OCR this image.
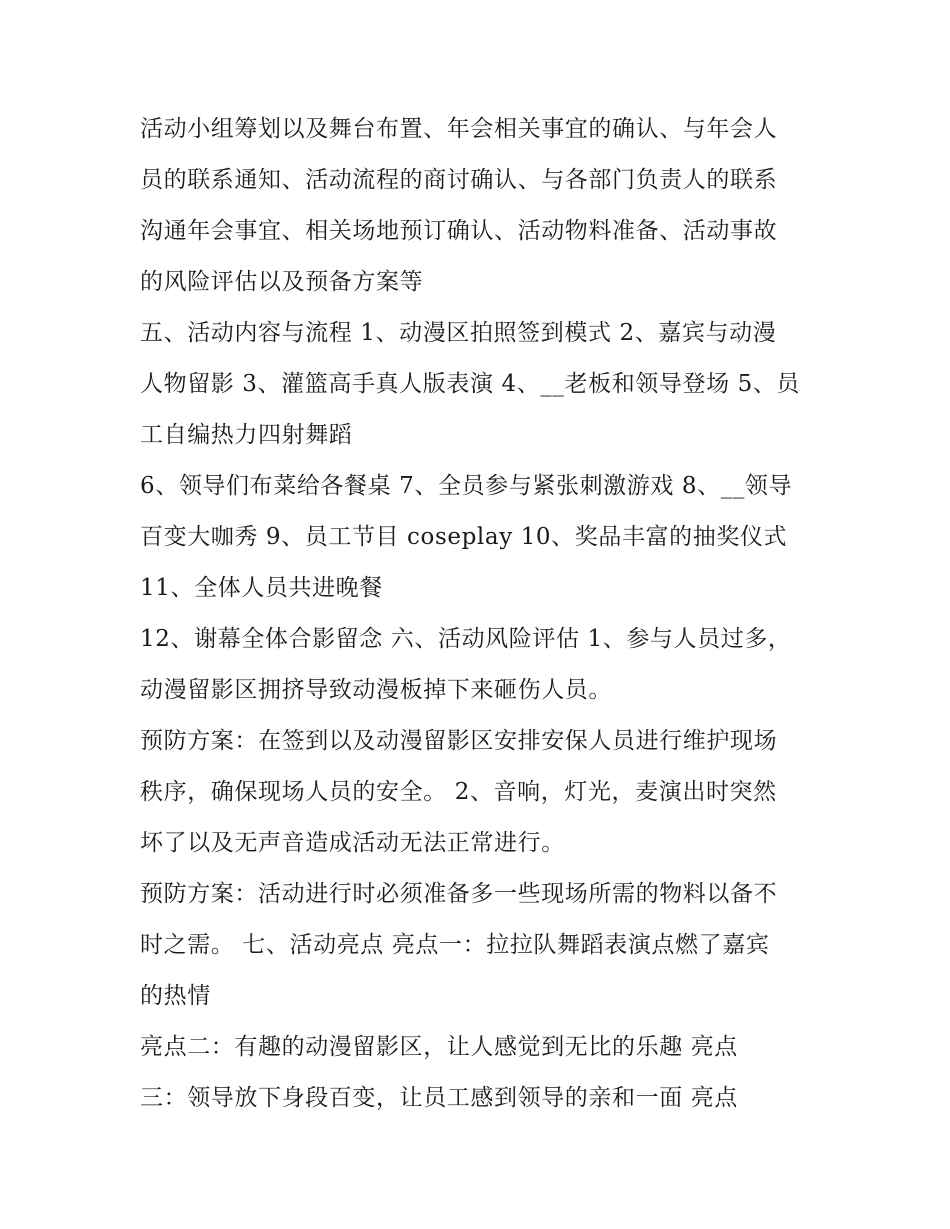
活动小组筹划以及舞台布置、年会相关事宜的确认、与年会人
员的联系通知、活动流程的商讨确认、与各部门负责人的联系
沟通年会事宜、相关场地预订确认、活动物料准备、活动事故
的风险评估以及预备方案等
五、活动内容与流程 1、动漫区拍照签到模式 2、嘉宾与动漫
人物留影 3、灌篮高手真人版表演 4、__老板和领导登场 5、员
工自编热力四射舞蹈
6、领导们布菜给各餐桌 7、全员参与紧张刺激游戏 8、__领导
百变大咖秀 9、员工节目 coseplay 10、奖品丰富的抽奖仪式
11、全体人员共进晚餐
12、谢幕全体合影留念 六、活动风险评估 1、参与人员过多，
动漫留影区拥挤导致动漫板掉下来砸伤人员。
预防方案：在签到以及动漫留影区安排安保人员进行维护现场
秩序，确保现场人员的安全。 2、音响，灯光，麦演出时突然
坏了以及无声音造成活动无法正常进行。
预防方案：活动进行时必须准备多一些现场所需的物料以备不
时之需。 七、活动亮点 亮点一：拉拉队舞蹈表演点燃了嘉宾
的热情
亮点二：有趣的动漫留影区，让人感觉到无比的乐趣 亮点
三：领导放下身段百变，让员工感到领导的亲和一面 亮点
